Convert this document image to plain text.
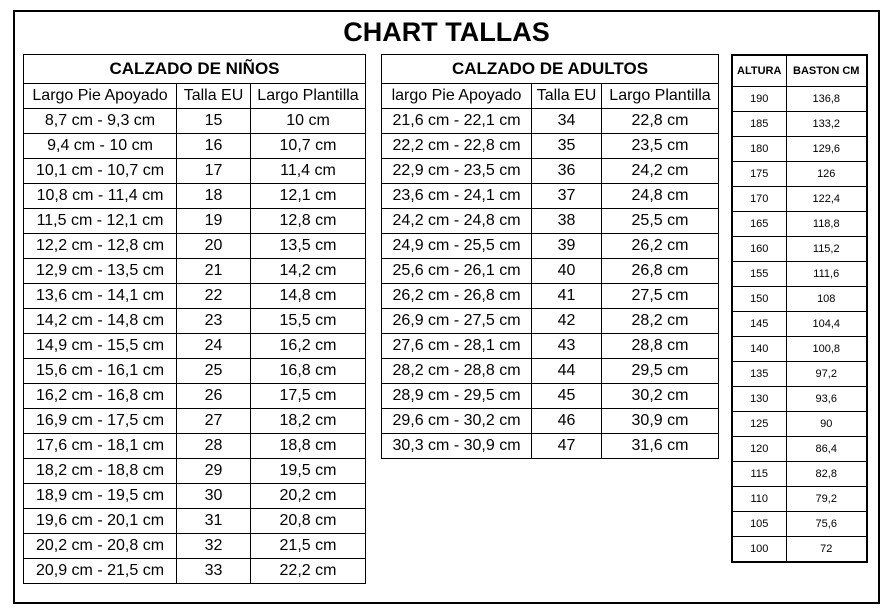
CHART TALLAS
CALZADO DE NIÑOS		
Largo Pie Apoyado	Talla EU	Largo Plantilla
8,7 cm - 9,3 cm	15	10 cm
9,4 cm - 10 cm	16	10,7 cm
10,1 cm - 10,7 cm	17	11,4 cm
10,8 cm - 11,4 cm	18	12,1 cm
11,5 cm - 12,1 cm	19	12,8 cm
12,2 cm - 12,8 cm	20	13,5 cm
12,9 cm - 13,5 cm	21	14,2 cm
13,6 cm - 14,1 cm	22	14,8 cm
14,2 cm - 14,8 cm	23	15,5 cm
14,9 cm - 15,5 cm	24	16,2 cm
15,6 cm - 16,1 cm	25	16,8 cm
16,2 cm - 16,8 cm	26	17,5 cm
16,9 cm - 17,5 cm	27	18,2 cm
17,6 cm - 18,1 cm	28	18,8 cm
18,2 cm - 18,8 cm	29	19,5 cm
18,9 cm - 19,5 cm	30	20,2 cm
19,6 cm - 20,1 cm	31	20,8 cm
20,2 cm - 20,8 cm	32	21,5 cm
20,9 cm - 21,5 cm	33	22,2 cm
CALZADO DE ADULTOS		
largo Pie Apoyado	Talla EU	Largo Plantilla
21,6 cm - 22,1 cm	34	22,8 cm
22,2 cm - 22,8 cm	35	23,5 cm
22,9 cm - 23,5 cm	36	24,2 cm
23,6 cm - 24,1 cm	37	24,8 cm
24,2 cm - 24,8 cm	38	25,5 cm
24,9 cm - 25,5 cm	39	26,2 cm
25,6 cm - 26,1 cm	40	26,8 cm
26,2 cm - 26,8 cm	41	27,5 cm
26,9 cm - 27,5 cm	42	28,2 cm
27,6 cm - 28,1 cm	43	28,8 cm
28,2 cm - 28,8 cm	44	29,5 cm
28,9 cm - 29,5 cm	45	30,2 cm
29,6 cm - 30,2 cm	46	30,9 cm
30,3 cm - 30,9 cm	47	31,6 cm
ALTURA	BASTON CM
190	136,8
185	133,2
180	129,6
175	126
170	122,4
165	118,8
160	115,2
155	111,6
150	108
145	104,4
140	100,8
135	97,2
130	93,6
125	90
120	86,4
115	82,8
110	79,2
105	75,6
100	72
